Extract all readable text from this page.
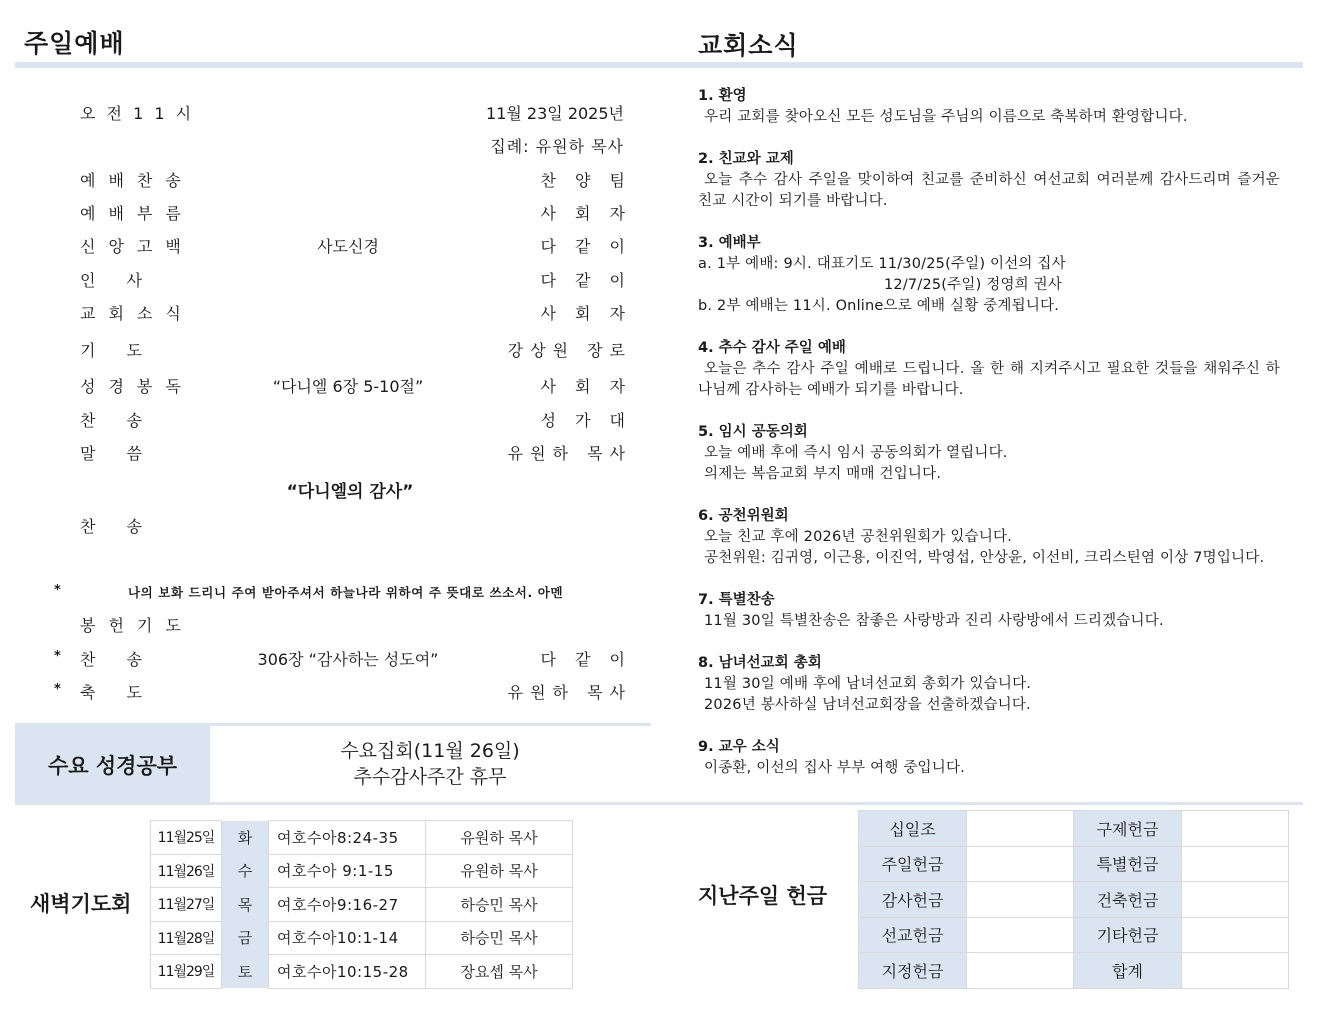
주일예배	교회소식
오 전 1 1 시	11월 23일 2025년
집례: 유원하 목사
예배찬송	찬 양 팀
예배부름	사 회 자
신앙고백	사도신경	다 같 이
인 사	다 같 이
교회소식	사 회 자
기 도	강상원 장로
성경봉독	“다니엘 6장 5-10절”	사 회 자
찬 송	성 가 대
말 씀	유원하 목사
“다니엘의 감사”
찬 송
*	나의 보화 드리니 주여 받아주셔서 하늘나라 위하여 주 뜻대로 쓰소서. 아멘
봉헌기도
* 찬 송	306장 “감사하는 성도여”	다 같 이
* 축 도	유원하 목사
수요 성경공부
수요집회(11월 26일)
추수감사주간 휴무
새벽기도회
11월25일	화	여호수아8:24-35	유원하 목사
11월26일	수	여호수아 9:1-15	유원하 목사
11월27일	목	여호수아9:16-27	하승민 목사
11월28일	금	여호수아10:1-14	하승민 목사
11월29일	토	여호수아10:15-28	장요셉 목사
1. 환영
우리 교회를 찾아오신 모든 성도님을 주님의 이름으로 축복하며 환영합니다.
2. 친교와 교제
오늘 추수 감사 주일을 맞이하여 친교를 준비하신 여선교회 여러분께 감사드리며 즐거운 친교 시간이 되기를 바랍니다.
3. 예배부
a. 1부 예배: 9시. 대표기도 11/30/25(주일) 이선의 집사
12/7/25(주일) 정영희 권사
b. 2부 예배는 11시. Online으로 예배 실황 중계됩니다.
4. 추수 감사 주일 예배
오늘은 추수 감사 주일 예배로 드립니다. 올 한 해 지켜주시고 필요한 것들을 채워주신 하나님께 감사하는 예배가 되기를 바랍니다.
5. 임시 공동의회
오늘 예배 후에 즉시 임시 공동의회가 열립니다.
의제는 복음교회 부지 매매 건입니다.
6. 공천위원회
오늘 친교 후에 2026년 공천위원회가 있습니다.
공천위원: 김귀영, 이근용, 이진억, 박영섭, 안상윤, 이선비, 크리스틴염 이상 7명입니다.
7. 특별찬송
11월 30일 특별찬송은 참좋은 사랑방과 진리 사랑방에서 드리겠습니다.
8. 남녀선교회 총회
11월 30일 예배 후에 남녀선교회 총회가 있습니다.
2026년 봉사하실 남녀선교회장을 선출하겠습니다.
9. 교우 소식
이종환, 이선의 집사 부부 여행 중입니다.
지난주일 헌금
십일조		구제헌금	
주일헌금		특별헌금	
감사헌금		건축헌금	
선교헌금		기타헌금	
지정헌금		합계	
